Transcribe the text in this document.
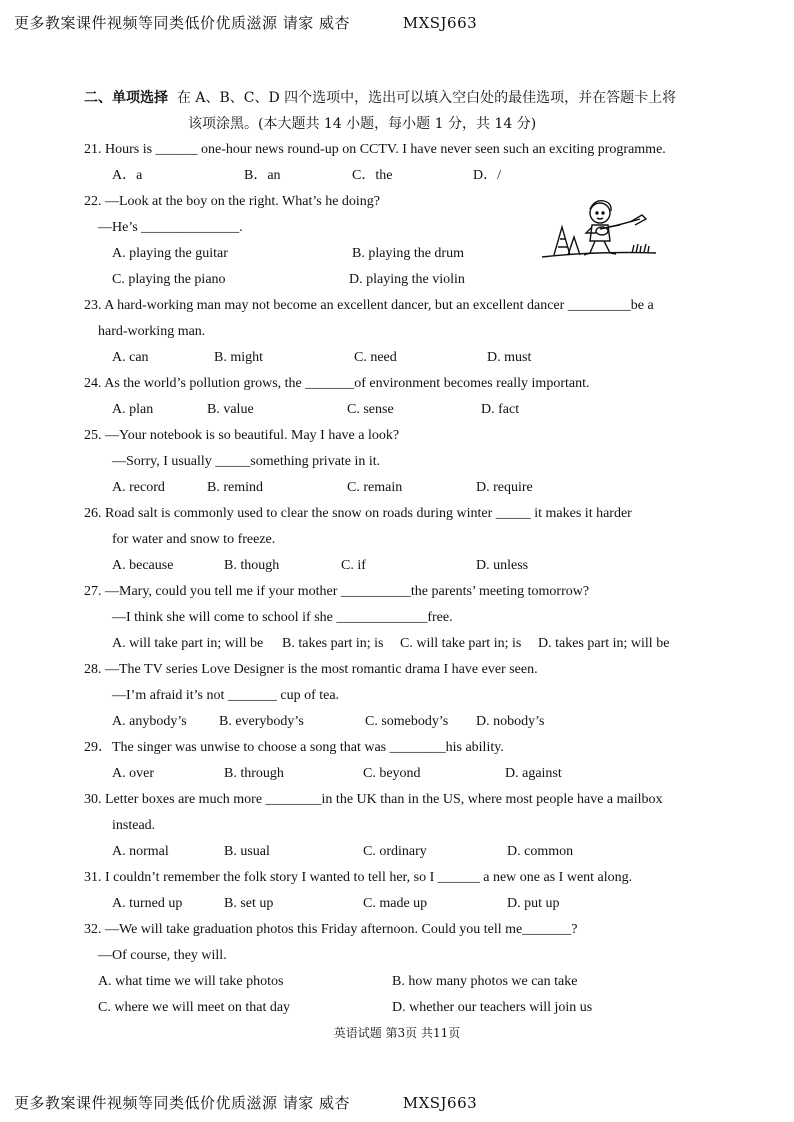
更多教案课件视频等同类低价优质滋源 请家 威杏	MXSJ663
二、单项选择 在 A、B、C、D 四个选项中，选出可以填入空白处的最佳选项，并在答题卡上将
该项涂黑。(本大题共 14 小题，每小题 1 分，共 14 分)
21. Hours is ______ one-hour news round-up on CCTV. I have never seen such an exciting programme.
A．a	B．an	C．the	D．/
22. —Look at the boy on the right. What’s he doing?
—He’s ______________.
A. playing the guitar	B. playing the drum
C. playing the piano	D. playing the violin
23. A hard-working man may not become an excellent dancer, but an excellent dancer _________be a
hard-working man.
A. can	B. might	C. need	D. must
24. As the world’s pollution grows, the _______of environment becomes really important.
A. plan	B. value	C. sense	D. fact
25. —Your notebook is so beautiful. May I have a look?
—Sorry, I usually _____something private in it.
A. record	B. remind	C. remain	D. require
26. Road salt is commonly used to clear the snow on roads during winter _____ it makes it harder
for water and snow to freeze.
A. because	B. though	C. if	D. unless
27. —Mary, could you tell me if your mother __________the parents’ meeting tomorrow?
—I think she will come to school if she _____________free.
A. will take part in; will be B. takes part in; is C. will take part in; is D. takes part in; will be
28. —The TV series Love Designer is the most romantic drama I have ever seen.
—I’m afraid it’s not _______ cup of tea.
A. anybody’s B. everybody’s	C. somebody’s D. nobody’s
29．The singer was unwise to choose a song that was ________his ability.
A. over	B. through	C. beyond	D. against
30. Letter boxes are much more ________in the UK than in the US, where most people have a mailbox
instead.
A. normal	B. usual	C. ordinary	D. common
31. I couldn’t remember the folk story I wanted to tell her, so I ______ a new one as I went along.
A. turned up	B. set up	C. made up	D. put up
32. —We will take graduation photos this Friday afternoon. Could you tell me_______?
—Of course, they will.
A. what time we will take photos	B. how many photos we can take
C. where we will meet on that day	D. whether our teachers will join us
英语试题 第3页 共11页
更多教案课件视频等同类低价优质滋源 请家 威杏	MXSJ663
